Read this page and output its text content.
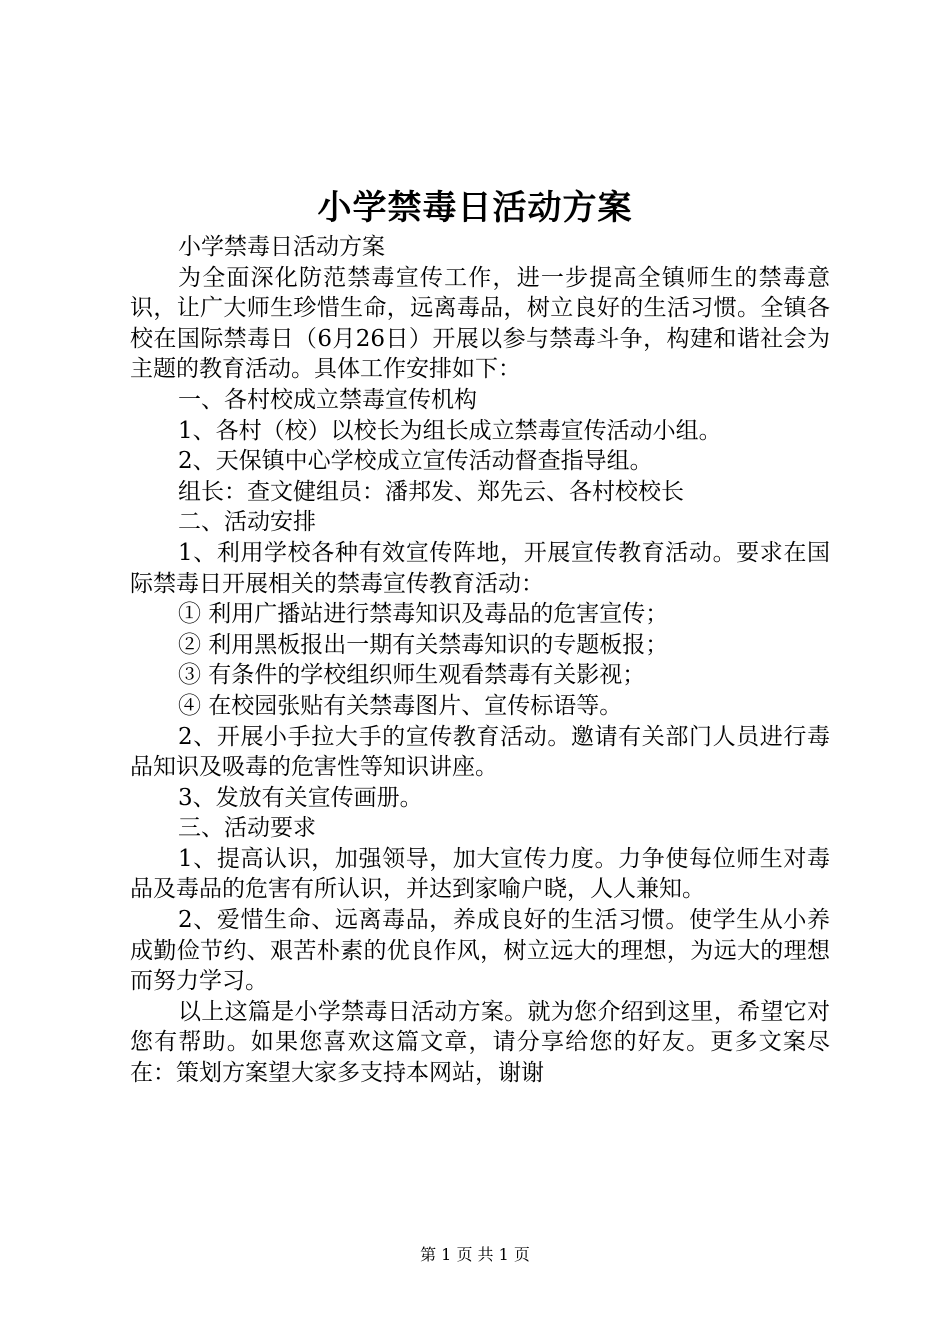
小学禁毒日活动方案

小学禁毒日活动方案

为全面深化防范禁毒宣传工作，进一步提高全镇师生的禁毒意识，让广大师生珍惜生命，远离毒品，树立良好的生活习惯。全镇各校在国际禁毒日（6月26日）开展以参与禁毒斗争，构建和谐社会为主题的教育活动。具体工作安排如下：

一、各村校成立禁毒宣传机构

1、各村（校）以校长为组长成立禁毒宣传活动小组。

2、天保镇中心学校成立宣传活动督查指导组。

组长：查文健组员：潘邦发、郑先云、各村校校长

二、活动安排

1、利用学校各种有效宣传阵地，开展宣传教育活动。要求在国际禁毒日开展相关的禁毒宣传教育活动：

① 利用广播站进行禁毒知识及毒品的危害宣传；

② 利用黑板报出一期有关禁毒知识的专题板报；

③ 有条件的学校组织师生观看禁毒有关影视；

④ 在校园张贴有关禁毒图片、宣传标语等。

2、开展小手拉大手的宣传教育活动。邀请有关部门人员进行毒品知识及吸毒的危害性等知识讲座。

3、发放有关宣传画册。

三、活动要求

1、提高认识，加强领导，加大宣传力度。力争使每位师生对毒品及毒品的危害有所认识，并达到家喻户晓，人人兼知。

2、爱惜生命、远离毒品，养成良好的生活习惯。使学生从小养成勤俭节约、艰苦朴素的优良作风，树立远大的理想，为远大的理想而努力学习。

以上这篇是小学禁毒日活动方案。就为您介绍到这里，希望它对您有帮助。如果您喜欢这篇文章，请分享给您的好友。更多文案尽在：策划方案望大家多支持本网站，谢谢

第 1 页 共 1 页
